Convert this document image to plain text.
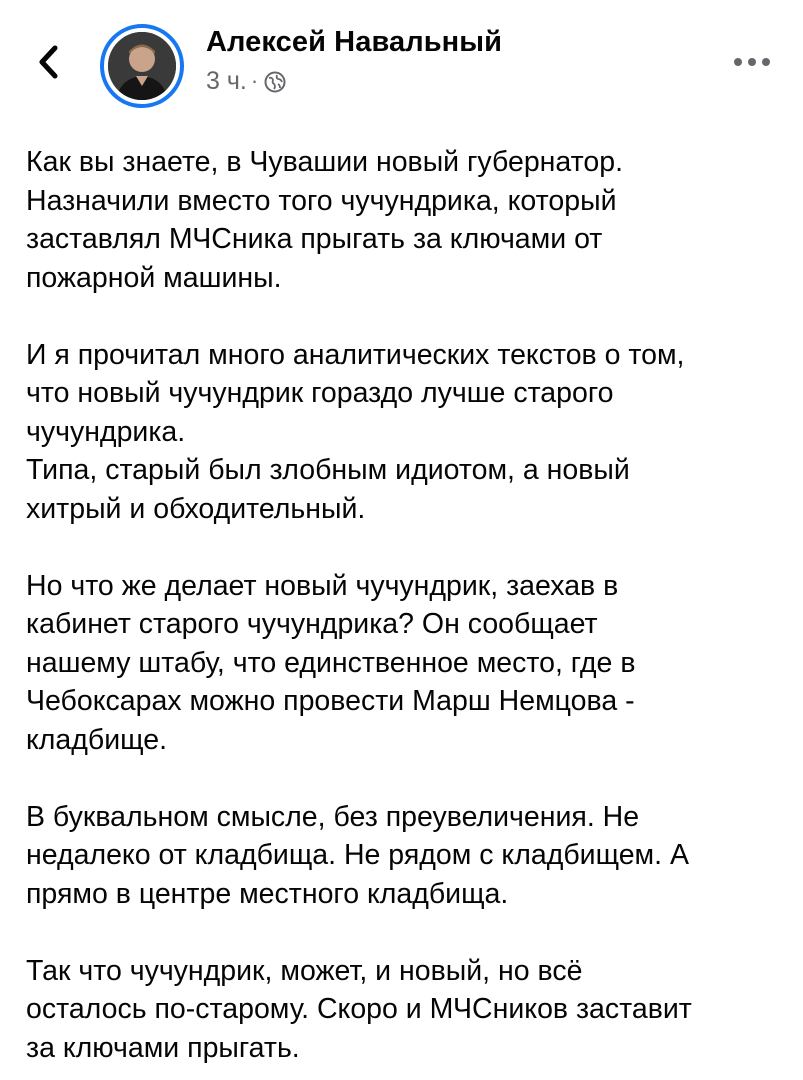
Алексей Навальный
3 ч. ·

Как вы знаете, в Чувашии новый губернатор.
Назначили вместо того чучундрика, который
заставлял МЧСника прыгать за ключами от
пожарной машины.

И я прочитал много аналитических текстов о том,
что новый чучундрик гораздо лучше старого
чучундрика.
Типа, старый был злобным идиотом, а новый
хитрый и обходительный.

Но что же делает новый чучундрик, заехав в
кабинет старого чучундрика? Он сообщает
нашему штабу, что единственное место, где в
Чебоксарах можно провести Марш Немцова -
кладбище.

В буквальном смысле, без преувеличения. Не
недалеко от кладбища. Не рядом с кладбищем. А
прямо в центре местного кладбища.

Так что чучундрик, может, и новый, но всё
осталось по-старому. Скоро и МЧСников заставит
за ключами прыгать.
